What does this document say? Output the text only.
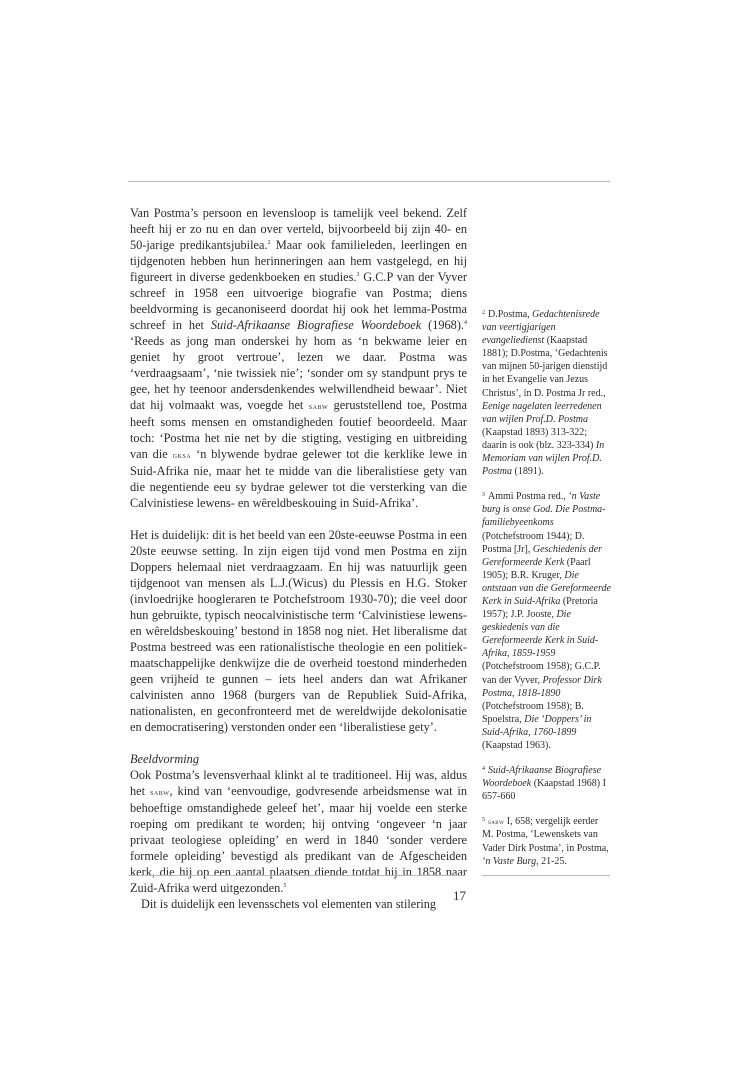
Van Postma’s persoon en levensloop is tamelijk veel bekend. Zelf heeft hij er zo nu en dan over verteld, bijvoorbeeld bij zijn 40- en 50-jarige predikantsjubilea.$^2$ Maar ook familieleden, leerlingen en tijdgenoten hebben hun herinneringen aan hem vastgelegd, en hij figureert in diverse gedenkboeken en studies.$^3$ G.C.P van der Vyver schreef in 1958 een uitvoerige biografie van Postma; diens beeldvorming is gecanoniseerd doordat hij ook het lemma-Postma schreef in het Suid-Afrikaanse Biografiese Woordeboek (1968).$^4$ ‘Reeds as jong man onderskei hy hom as ‘n bekwame leier en geniet hy groot vertroue’, lezen we daar. Postma was ‘verdraagsaam’, ‘nie twissiek nie’; ‘sonder om sy standpunt prys te gee, het hy teenoor andersdenkendes welwillendheid bewaar’. Niet dat hij volmaakt was, voegde het sabw geruststellend toe, Postma heeft soms mensen en omstandigheden foutief beoordeeld. Maar toch: ‘Postma het nie net by die stigting, vestiging en uitbreiding van die gksa ‘n blywende bydrae gelewer tot die kerklike lewe in Suid-Afrika nie, maar het te midde van die liberalistiese gety van die negentiende eeu sy bydrae gelewer tot die versterking van die Calvinistiese lewens- en wêreldbeskouing in Suid-Afrika’.

Het is duidelijk: dit is het beeld van een 20ste-eeuwse Postma in een 20ste eeuwse setting. In zijn eigen tijd vond men Postma en zijn Doppers helemaal niet verdraagzaam. En hij was natuurlijk geen tijdgenoot van mensen als L.J.(Wicus) du Plessis en H.G. Stoker (invloedrijke hoogleraren te Potchefstroom 1930-70); die veel door hun gebruikte, typisch neocalvinistische term ‘Calvinistiese lewens- en wêreldsbeskouing’ bestond in 1858 nog niet. Het liberalisme dat Postma bestreed was een rationalistische theologie en een politiek-maatschappelijke denkwijze die de overheid toestond minderheden geen vrijheid te gunnen – iets heel anders dan wat Afrikaner calvinisten anno 1968 (burgers van de Republiek Suid-Afrika, nationalisten, en geconfronteerd met de wereldwijde dekolonisatie en democratisering) verstonden onder een ‘liberalistiese gety’.

Beeldvorming

Ook Postma’s levensverhaal klinkt al te traditioneel. Hij was, aldus het sabw, kind van ‘eenvoudige, godvresende arbeidsmense wat in behoeftige omstandighede geleef het’, maar hij voelde een sterke roeping om predikant te worden; hij ontving ‘ongeveer ‘n jaar privaat teologiese opleiding’ en werd in 1840 ‘sonder verdere formele opleiding’ bevestigd als predikant van de Afgescheiden kerk, die hij op een aantal plaatsen diende totdat hij in 1858 naar Zuid-Afrika werd uitgezonden.$^5$

Dit is duidelijk een levensschets vol elementen van stilering

$^2$ D.Postma, Gedachtenisrede van veertigjarigen evangeliedienst (Kaapstad 1881); D.Postma, ‘Gedachtenis van mijnen 50-jarigen dienstijd in het Evangelie van Jezus Christus’, in D. Postma Jr red., Eenige nagelaten leerredenen van wijlen Prof.D. Postma (Kaapstad 1893) 313-322; daarin is ook (blz. 323-334) In Memoriam van wijlen Prof.D. Postma (1891).

$^3$ Ammi Postma red., ‘n Vaste burg is onse God. Die Postma-familiebyeenkoms (Potchefstroom 1944); D. Postma [Jr], Geschiedenis der Gereformeerde Kerk (Paarl 1905); B.R. Kruger, Die ontstaan van die Gereformeerde Kerk in Suid-Afrika (Pretoria 1957); J.P. Jooste, Die geskiedenis van die Gereformeerde Kerk in Suid-Afrika, 1859-1959 (Potchefstroom 1958); G.C.P. van der Vyver, Professor Dirk Postma, 1818-1890 (Potchefstroom 1958); B. Spoelstra, Die ‘Doppers’ in Suid-Afrika, 1760-1899 (Kaapstad 1963).

$^4$ Suid-Afrikaanse Biografiese Woordeboek (Kaapstad 1968) I 657-660

$^5$ sabw I, 658; vergelijk eerder M. Postma, ‘Lewenskets van Vader Dirk Postma’, in Postma, ‘n Vaste Burg, 21-25.

17
